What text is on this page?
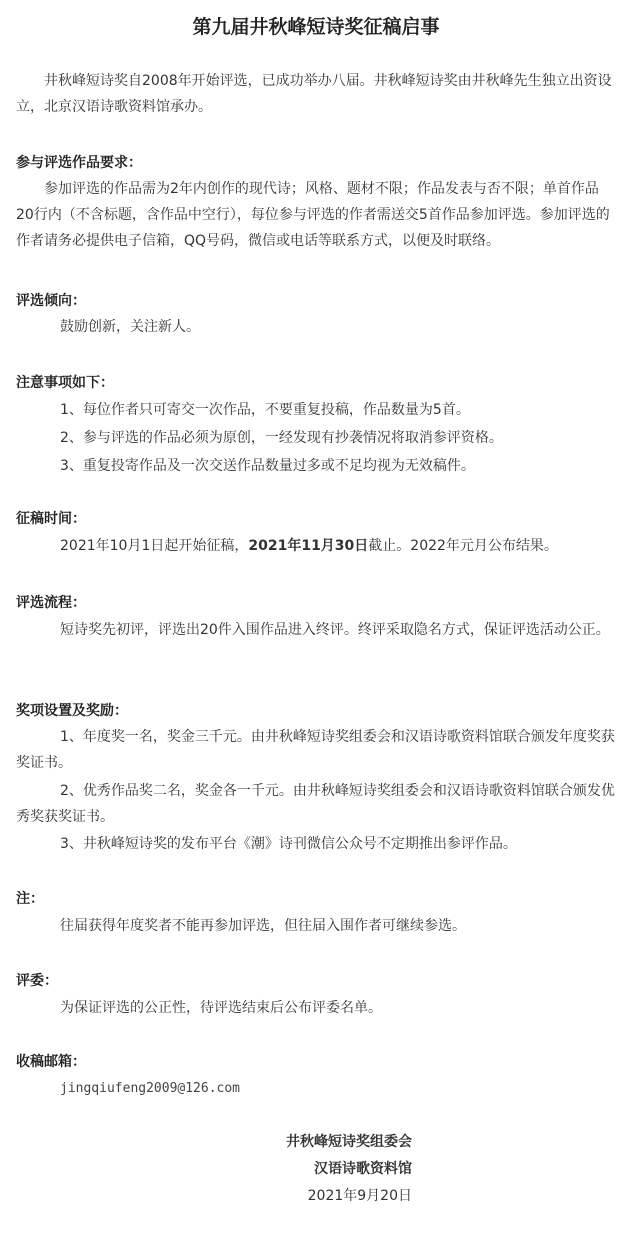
第九届井秋峰短诗奖征稿启事

井秋峰短诗奖自2008年开始评选，已成功举办八届。井秋峰短诗奖由井秋峰先生独立出资设立，北京汉语诗歌资料馆承办。

参与评选作品要求：

参加评选的作品需为2年内创作的现代诗；风格、题材不限；作品发表与否不限；单首作品20行内（不含标题，含作品中空行），每位参与评选的作者需送交5首作品参加评选。参加评选的作者请务必提供电子信箱，QQ号码，微信或电话等联系方式，以便及时联络。

评选倾向：

鼓励创新，关注新人。

注意事项如下：

1、每位作者只可寄交一次作品，不要重复投稿，作品数量为5首。

2、参与评选的作品必须为原创，一经发现有抄袭情况将取消参评资格。

3、重复投寄作品及一次交送作品数量过多或不足均视为无效稿件。

征稿时间：

2021年10月1日起开始征稿，2021年11月30日截止。2022年元月公布结果。

评选流程：

短诗奖先初评，评选出20件入围作品进入终评。终评采取隐名方式，保证评选活动公正。

奖项设置及奖励：

1、年度奖一名，奖金三千元。由井秋峰短诗奖组委会和汉语诗歌资料馆联合颁发年度奖获奖证书。

2、优秀作品奖二名，奖金各一千元。由井秋峰短诗奖组委会和汉语诗歌资料馆联合颁发优秀奖获奖证书。

3、井秋峰短诗奖的发布平台《潮》诗刊微信公众号不定期推出参评作品。

注：

往届获得年度奖者不能再参加评选，但往届入围作者可继续参选。

评委：

为保证评选的公正性，待评选结束后公布评委名单。

收稿邮箱：

jingqiufeng2009@126.com

井秋峰短诗奖组委会
汉语诗歌资料馆
2021年9月20日
